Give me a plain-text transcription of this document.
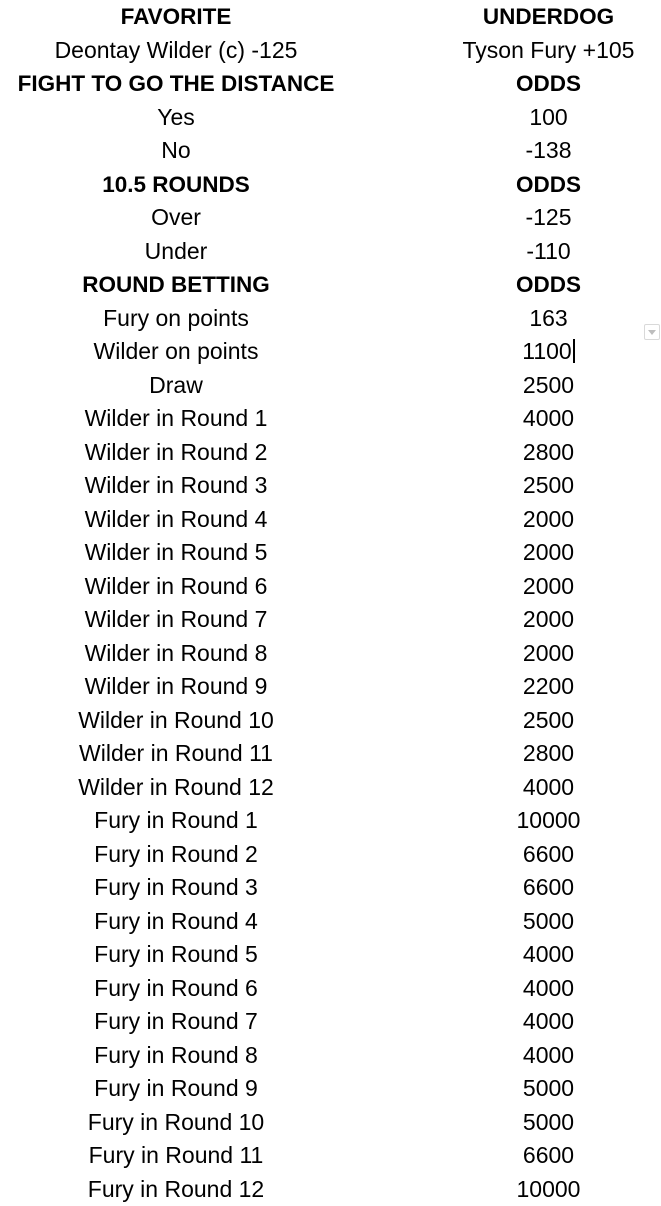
FAVORITE	UNDERDOG
Deontay Wilder (c) -125	Tyson Fury +105
FIGHT TO GO THE DISTANCE	ODDS
Yes	100
No	-138
10.5 ROUNDS	ODDS
Over	-125
Under	-110
ROUND BETTING	ODDS
Fury on points	163
Wilder on points	1100
Draw	2500
Wilder in Round 1	4000
Wilder in Round 2	2800
Wilder in Round 3	2500
Wilder in Round 4	2000
Wilder in Round 5	2000
Wilder in Round 6	2000
Wilder in Round 7	2000
Wilder in Round 8	2000
Wilder in Round 9	2200
Wilder in Round 10	2500
Wilder in Round 11	2800
Wilder in Round 12	4000
Fury in Round 1	10000
Fury in Round 2	6600
Fury in Round 3	6600
Fury in Round 4	5000
Fury in Round 5	4000
Fury in Round 6	4000
Fury in Round 7	4000
Fury in Round 8	4000
Fury in Round 9	5000
Fury in Round 10	5000
Fury in Round 11	6600
Fury in Round 12	10000
